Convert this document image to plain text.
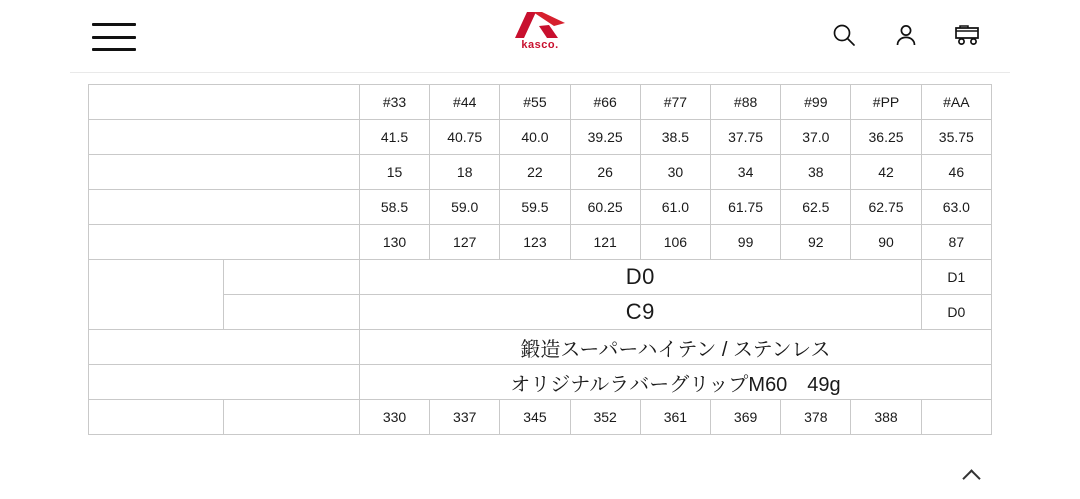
kasco.
クラブNO.		#33	#44	#55	#66	#77	#88	#99	#PP	#AA
クラブ長さ（インチ）		41.5	40.75	40.0	39.25	38.5	37.75	37.0	36.25	35.75
ロフト角（°）		15	18	22	26	30	34	38	42	46
ライ角（°）		58.5	59.0	59.5	60.25	61.0	61.75	62.5	62.75	63.0
ヘッド体積(ml)		130	127	123	121	106	99	92	90	87
バランス	S	D0								D1
	R	C9								D0
ヘッド素材		鍛造スーパーハイテン / ステンレス								
グリップ		オリジナルラバーグリップM60　49g								
クラブ重さ（g）	S	330	337	345	352	361	369	378	388	
